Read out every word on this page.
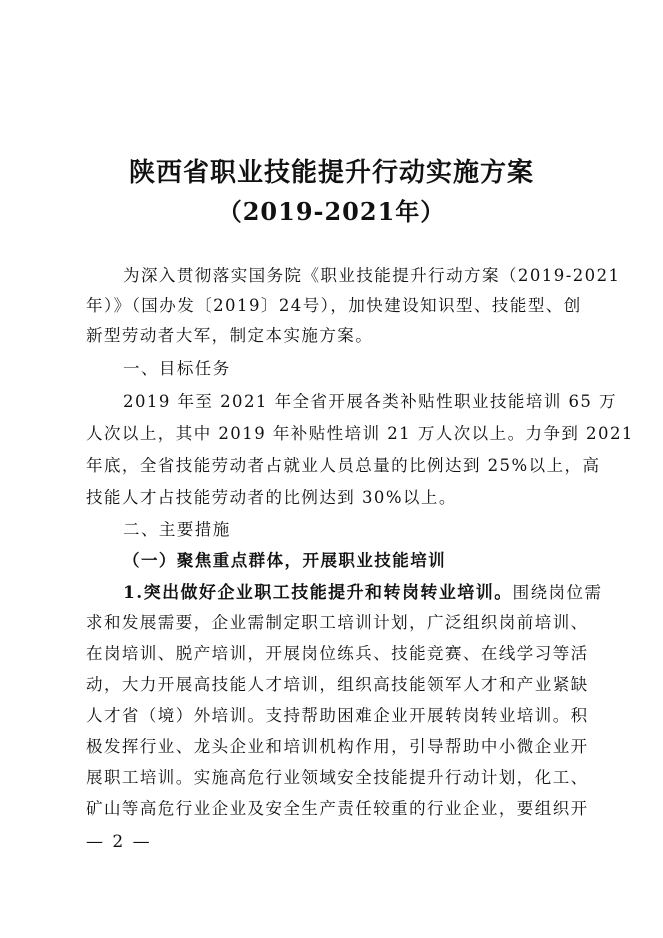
陕西省职业技能提升行动实施方案
（2019-2021年）
为深入贯彻落实国务院《职业技能提升行动方案（2019-2021
年）》（国办发〔2019〕24号），加快建设知识型、技能型、创
新型劳动者大军，制定本实施方案。
一、目标任务
2019 年至 2021 年全省开展各类补贴性职业技能培训 65 万
人次以上，其中 2019 年补贴性培训 21 万人次以上。力争到 2021
年底，全省技能劳动者占就业人员总量的比例达到 25%以上，高
技能人才占技能劳动者的比例达到 30%以上。
二、主要措施
（一）聚焦重点群体，开展职业技能培训
1.突出做好企业职工技能提升和转岗转业培训。围绕岗位需
求和发展需要，企业需制定职工培训计划，广泛组织岗前培训、
在岗培训、脱产培训，开展岗位练兵、技能竞赛、在线学习等活
动，大力开展高技能人才培训，组织高技能领军人才和产业紧缺
人才省（境）外培训。支持帮助困难企业开展转岗转业培训。积
极发挥行业、龙头企业和培训机构作用，引导帮助中小微企业开
展职工培训。实施高危行业领域安全技能提升行动计划，化工、
矿山等高危行业企业及安全生产责任较重的行业企业，要组织开
— 2 —
